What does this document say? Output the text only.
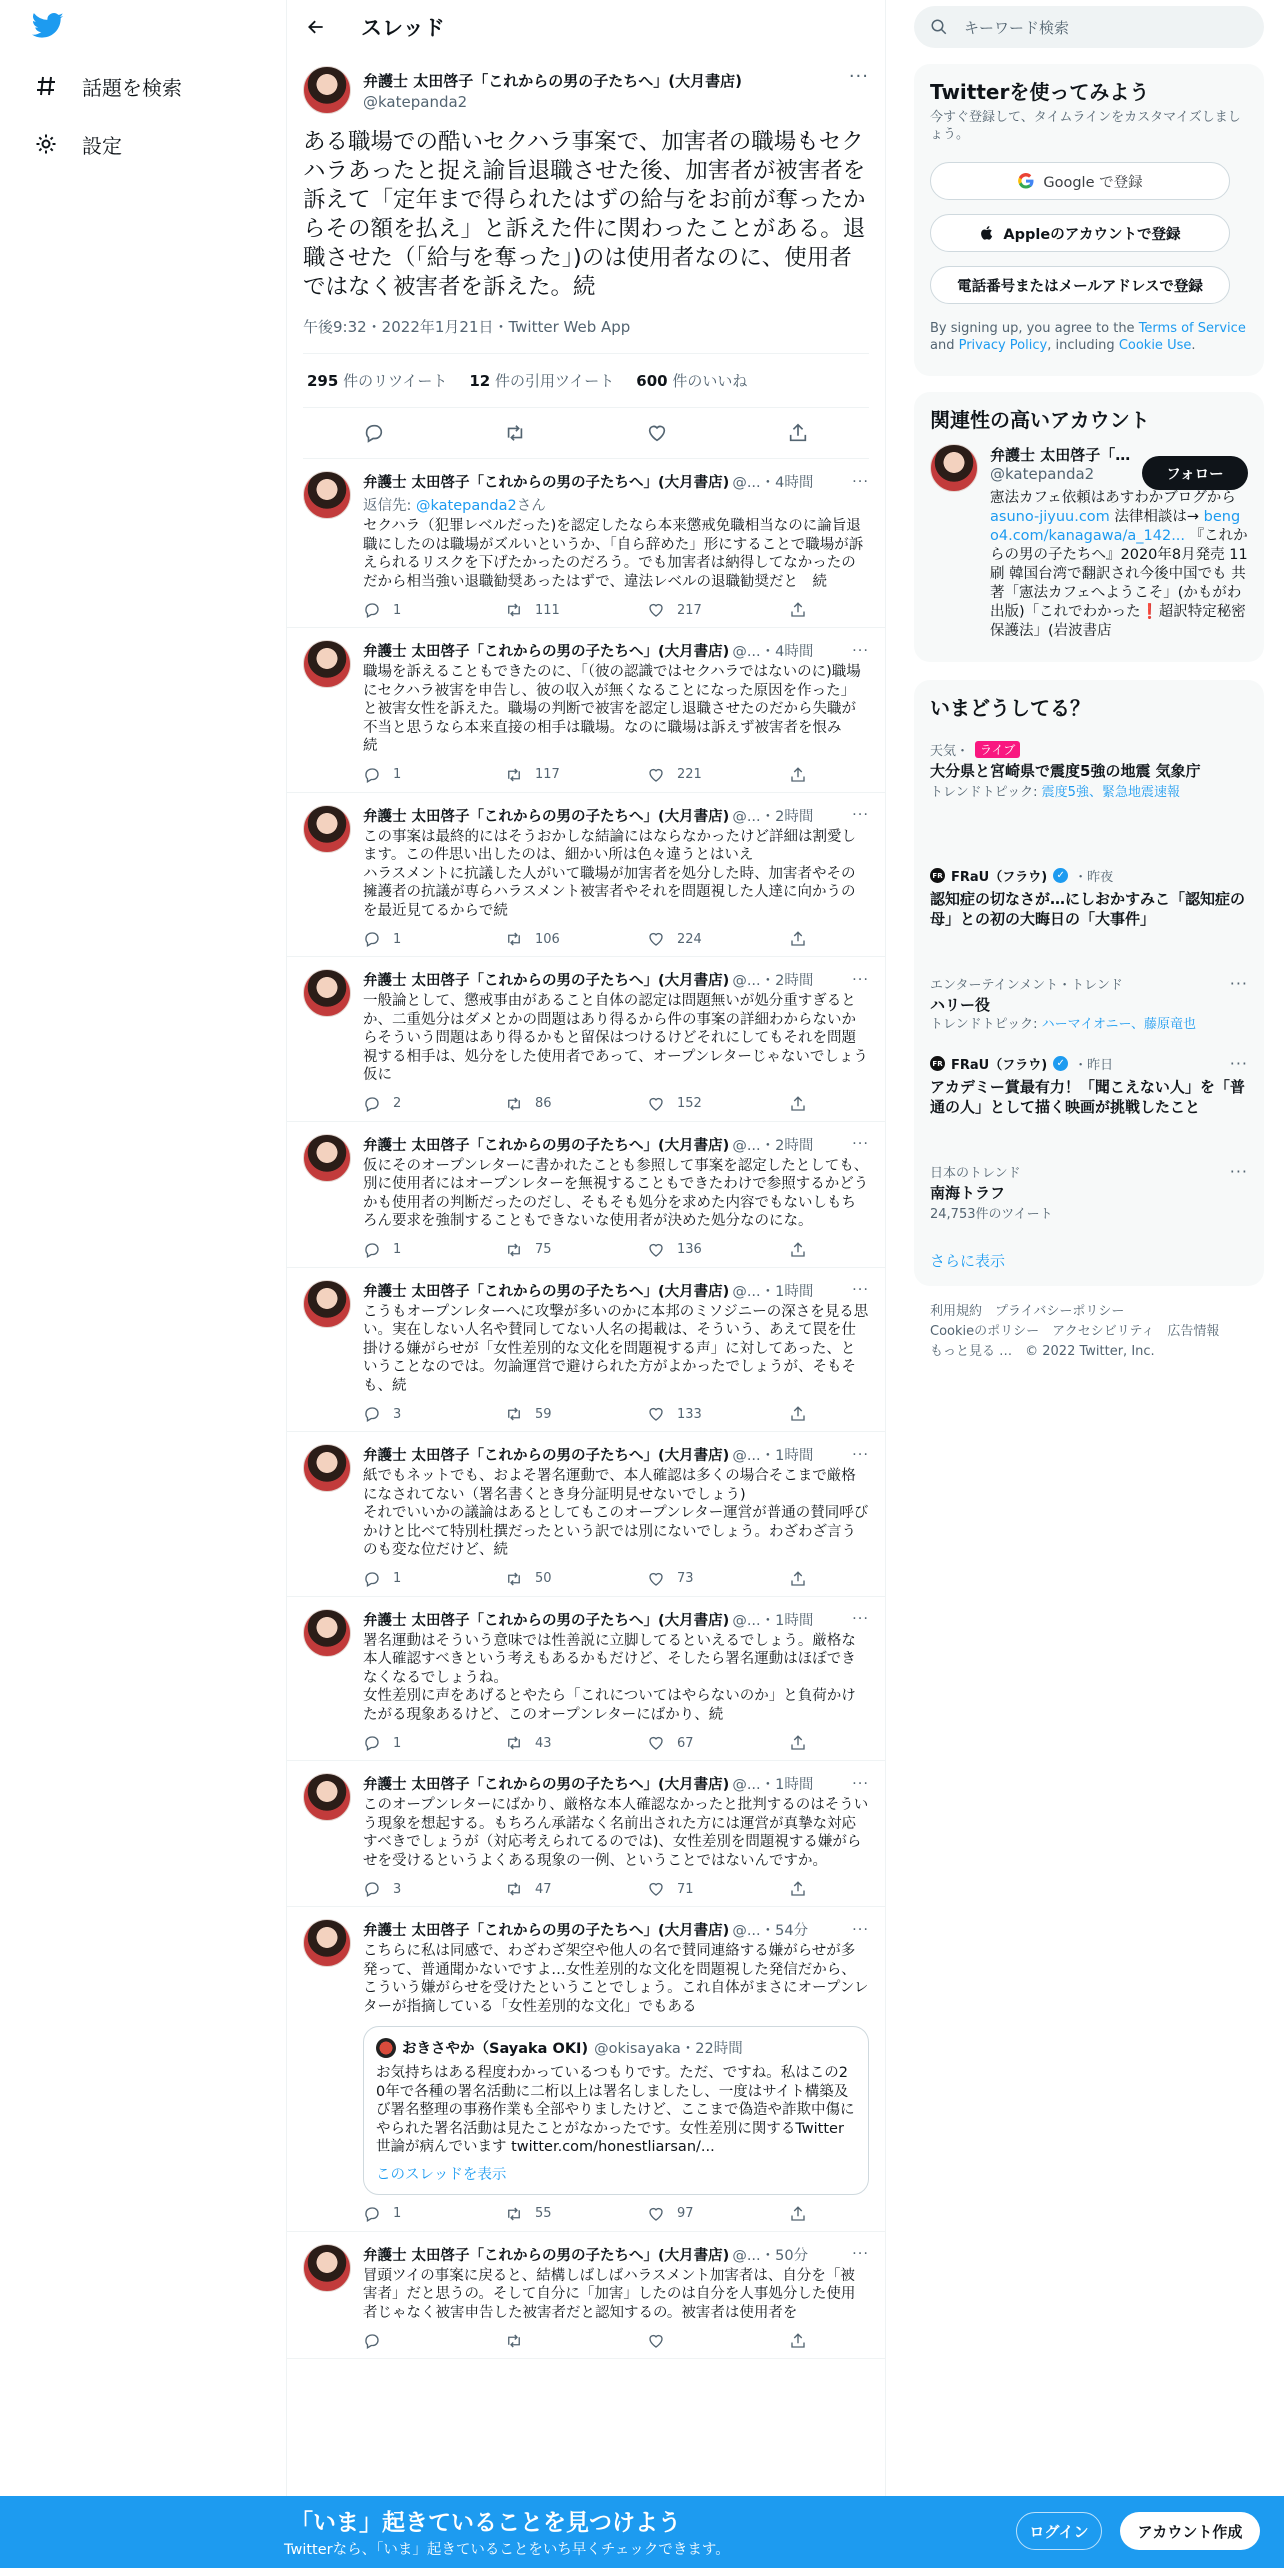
話題を検索
設定
スレッド
弁護士 太田啓子「これからの男の子たちへ」(大月書店)
@katepanda2
···
ある職場での酷いセクハラ事案で、加害者の職場もセクハラあったと捉え諭旨退職させた後、加害者が被害者を訴えて「定年まで得られたはずの給与をお前が奪ったからその額を払え」と訴えた件に関わったことがある。退職させた（「給与を奪った」)のは使用者なのに、使用者ではなく被害者を訴えた。続
午後9:32・2022年1月21日・Twitter Web App
295 件のリツイート 12 件の引用ツイート 600 件のいいね
弁護士 太田啓子「これからの男の子たちへ」(大月書店) @...・4時間	···
返信先: @katepanda2さん
セクハラ（犯罪レベルだった)を認定したなら本来懲戒免職相当なのに論旨退職にしたのは職場がズルいというか、「自ら辞めた」形にすることで職場が訴えられるリスクを下げたかったのだろう。でも加害者は納得してなかったのだから相当強い退職勧奨あったはずで、違法レベルの退職勧奨だと　続
1	111	217
弁護士 太田啓子「これからの男の子たちへ」(大月書店) @...・4時間	···
職場を訴えることもできたのに、「（彼の認識ではセクハラではないのに)職場にセクハラ被害を申告し、彼の収入が無くなることになった原因を作った」と被害女性を訴えた。職場の判断で被害を認定し退職させたのだから失職が不当と思うなら本来直接の相手は職場。なのに職場は訴えず被害者を恨み　続
1	117	221
弁護士 太田啓子「これからの男の子たちへ」(大月書店) @...・2時間	···
この事案は最終的にはそうおかしな結論にはならなかったけど詳細は割愛します。この件思い出したのは、細かい所は色々違うとはいえ
ハラスメントに抗議した人がいて職場が加害者を処分した時、加害者やその擁護者の抗議が専らハラスメント被害者やそれを問題視した人達に向かうのを最近見てるからで続
1	106	224
弁護士 太田啓子「これからの男の子たちへ」(大月書店) @...・2時間	···
一般論として、懲戒事由があること自体の認定は問題無いが処分重すぎるとか、二重処分はダメとかの問題はあり得るから件の事案の詳細わからないからそういう問題はあり得るかもと留保はつけるけどそれにしてもそれを問題視する相手は、処分をした使用者であって、オープンレターじゃないでしょう　仮に
2	86	152
弁護士 太田啓子「これからの男の子たちへ」(大月書店) @...・2時間	···
仮にそのオープンレターに書かれたことも参照して事案を認定したとしても、別に使用者にはオープンレターを無視することもできたわけで参照するかどうかも使用者の判断だったのだし、そもそも処分を求めた内容でもないしもちろん要求を強制することもできないな使用者が決めた処分なのにな。
1	75	136
弁護士 太田啓子「これからの男の子たちへ」(大月書店) @...・1時間	···
こうもオープンレターへに攻撃が多いのかに本邦のミソジニーの深さを見る思い。実在しない人名や賛同してない人名の掲載は、そういう、あえて罠を仕掛ける嫌がらせが「女性差別的な文化を問題視する声」に対してあった、ということなのでは。勿論運営で避けられた方がよかったでしょうが、そもそも、続
3	59	133
弁護士 太田啓子「これからの男の子たちへ」(大月書店) @...・1時間	···
紙でもネットでも、およそ署名運動で、本人確認は多くの場合そこまで厳格になされてない（署名書くとき身分証明見せないでしょう)
それでいいかの議論はあるとしてもこのオープンレター運営が普通の賛同呼びかけと比べて特別杜撰だったという訳では別にないでしょう。わざわざ言うのも変な位だけど、続
1	50	73
弁護士 太田啓子「これからの男の子たちへ」(大月書店) @...・1時間	···
署名運動はそういう意味では性善説に立脚してるといえるでしょう。厳格な本人確認すべきという考えもあるかもだけど、そしたら署名運動はほぼできなくなるでしょうね。
女性差別に声をあげるとやたら「これについてはやらないのか」と負荷かけたがる現象あるけど、このオープンレターにばかり、続
1	43	67
弁護士 太田啓子「これからの男の子たちへ」(大月書店) @...・1時間	···
このオープンレターにばかり、厳格な本人確認なかったと批判するのはそういう現象を想起する。もちろん承諾なく名前出された方には運営が真摯な対応すべきでしょうが（対応考えられてるのでは)、女性差別を問題視する嫌がらせを受けるというよくある現象の一例、ということではないんですか。
3	47	71
弁護士 太田啓子「これからの男の子たちへ」(大月書店) @...・54分	···
こちらに私は同感で、わざわざ架空や他人の名で賛同連絡する嫌がらせが多発って、普通聞かないですよ…女性差別的な文化を問題視した発信だから、こういう嫌がらせを受けたということでしょう。これ自体がまさにオープンレターが指摘している「女性差別的な文化」でもある
おきさやか（Sayaka OKI) @okisayaka・22時間
お気持ちはある程度わかっているつもりです。ただ、ですね。私はこの20年で各種の署名活動に二桁以上は署名しましたし、一度はサイト構築及び署名整理の事務作業も全部やりましたけど、ここまで偽造や詐欺中傷にやられた署名活動は見たことがなかったです。女性差別に関するTwitter世論が病んでいます twitter.com/honestliarsan/...
このスレッドを表示
1	55	97
弁護士 太田啓子「これからの男の子たちへ」(大月書店) @...・50分	···
冒頭ツイの事案に戻ると、結構しばしばハラスメント加害者は、自分を「被害者」だと思うの。そして自分に「加害」したのは自分を人事処分した使用者じゃなく被害申告した被害者だと認知するの。被害者は使用者を
キーワード検索
Twitterを使ってみよう
今すぐ登録して、タイムラインをカスタマイズしましょう。
Google で登録
Appleのアカウントで登録
電話番号またはメールアドレスで登録
By signing up, you agree to the Terms of Service and Privacy Policy, including Cookie Use.
関連性の高いアカウント
弁護士 太田啓子「…
@katepanda2	フォロー
憲法カフェ依頼はあすわかブログから asuno-jiyuu.com 法律相談は→ bengo4.com/kanagawa/a_142... 『これからの男の子たちへ』2020年8月発売 11刷 韓国台湾で翻訳され今後中国でも 共著「憲法カフェへようこそ」(かもがわ出版)「これでわかった❗超訳特定秘密保護法」(岩波書店
いまどうしてる？
天気・ ライブ
大分県と宮崎県で震度5強の地震 気象庁
トレンドトピック: 震度5強、緊急地震速報
FR FRaU（フラウ) ✓ ・昨夜
認知症の切なさが…にしおかすみこ「認知症の母」との初の大晦日の「大事件」
エンターテインメント・トレンド
ハリー役
トレンドトピック: ハーマイオニー、藤原竜也
···
FR FRaU（フラウ) ✓ ・昨日
アカデミー賞最有力！「聞こえない人」を「普通の人」として描く映画が挑戦したこと
···
日本のトレンド
南海トラフ
24,753件のツイート
···
さらに表示
利用規約　プライバシーポリシー
Cookieのポリシー　アクセシビリティ　広告情報
もっと見る …　© 2022 Twitter, Inc.
「いま」起きていることを見つけよう
Twitterなら、「いま」起きていることをいち早くチェックできます。
ログイン	アカウント作成
